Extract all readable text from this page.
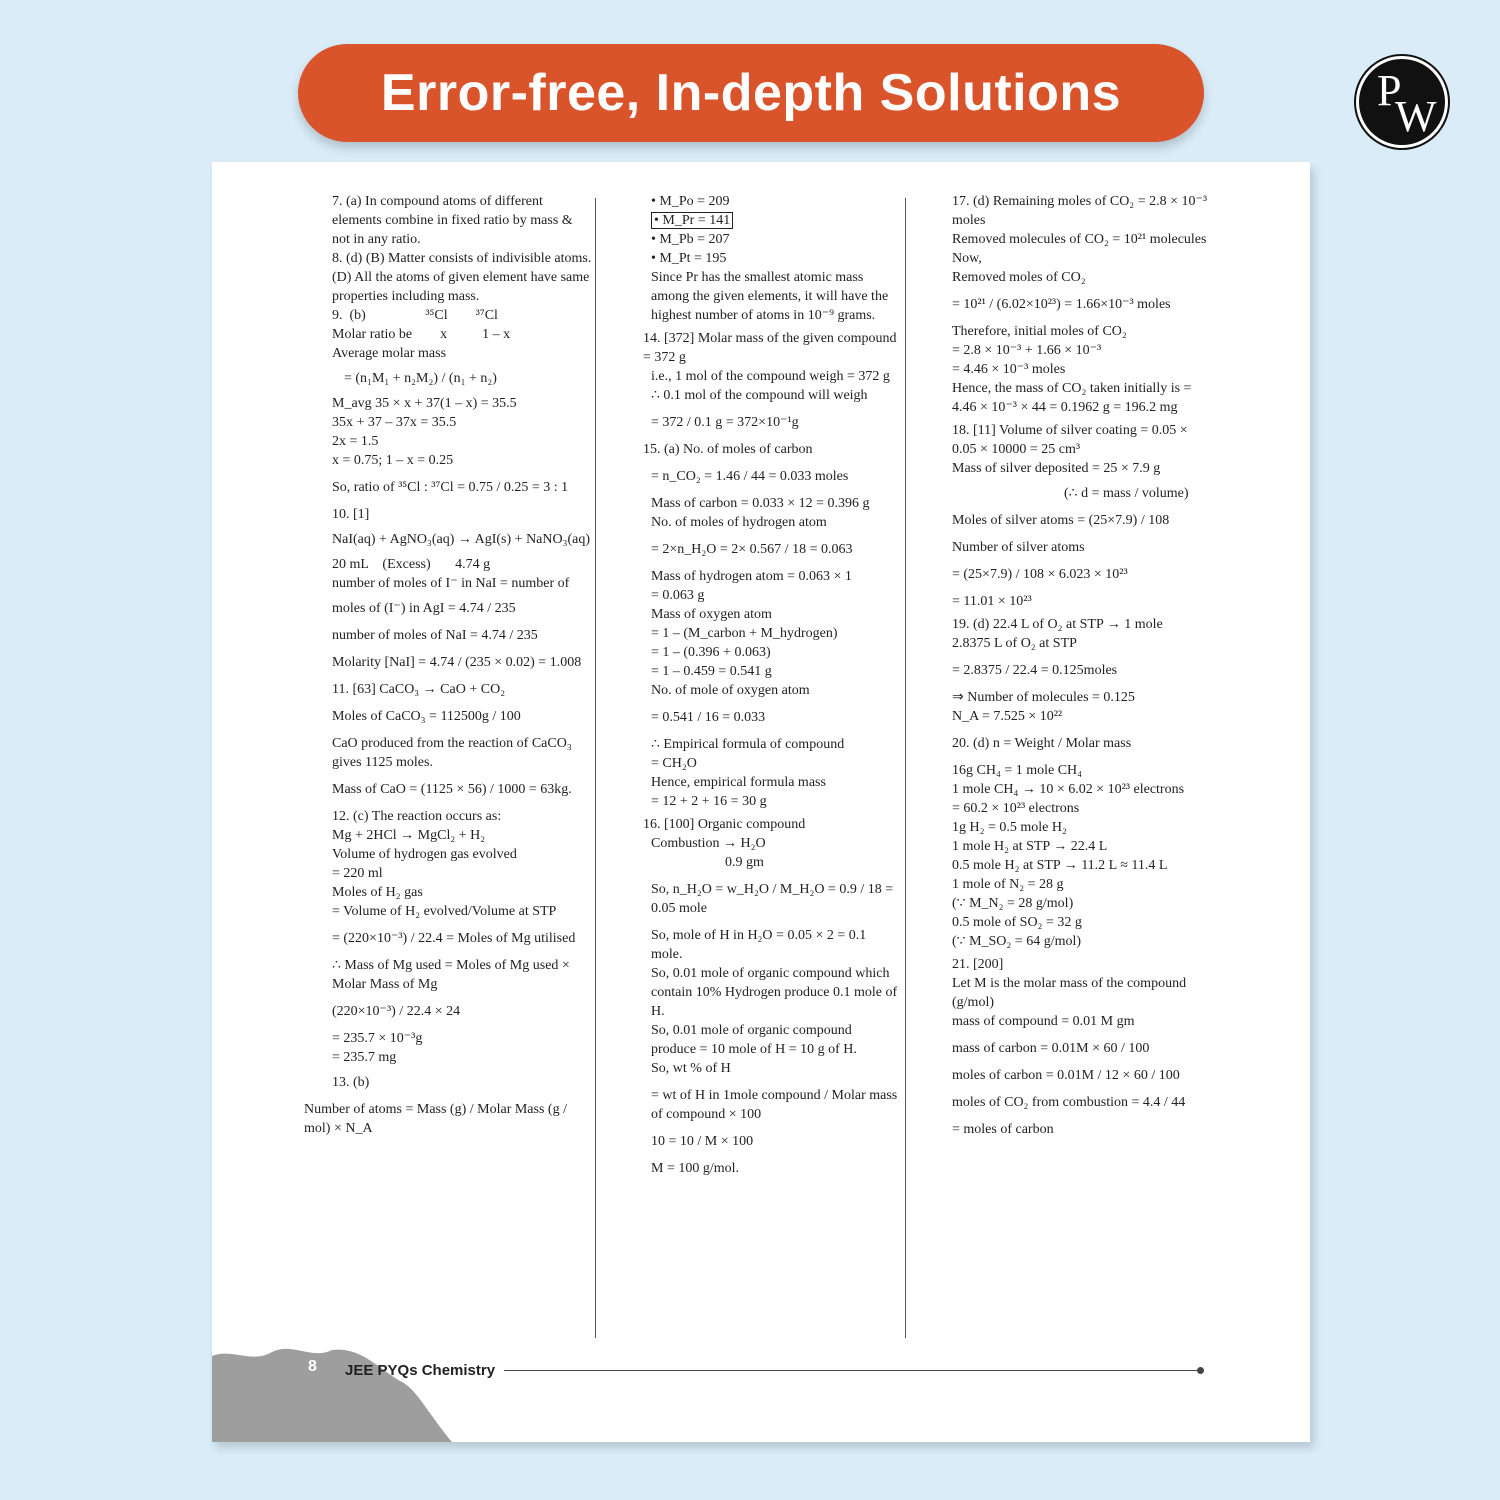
Error-free, In-depth Solutions	P
W
7. (a) In compound atoms of different elements combine in fixed ratio by mass & not in any ratio.
8. (d) (B) Matter consists of indivisible atoms.
(D) All the atoms of given element have same properties including mass.
9.  (b)                 ³⁵Cl        ³⁷Cl
Molar ratio be        x          1 – x
Average molar mass
= (n₁M₁ + n₂M₂) / (n₁ + n₂)
M_avg 35 × x + 37(1 – x) = 35.5
35x + 37 – 37x = 35.5
2x = 1.5
x = 0.75; 1 – x = 0.25
So, ratio of ³⁵Cl : ³⁷Cl = 0.75 / 0.25 = 3 : 1
10. [1]
NaI(aq) + AgNO₃(aq) → AgI(s) + NaNO₃(aq)
20 mL    (Excess)       4.74 g
number of moles of I⁻ in NaI = number of
moles of (I⁻) in AgI = 4.74 / 235
number of moles of NaI = 4.74 / 235
Molarity [NaI] = 4.74 / (235 × 0.02) = 1.008
11. [63] CaCO₃ → CaO + CO₂
Moles of CaCO₃ = 112500g / 100
CaO produced from the reaction of CaCO₃ gives 1125 moles.
Mass of CaO = (1125 × 56) / 1000 = 63kg.
12. (c) The reaction occurs as:
Mg + 2HCl → MgCl₂ + H₂
Volume of hydrogen gas evolved
= 220 ml
Moles of H₂ gas
= Volume of H₂ evolved/Volume at STP
= (220×10⁻³) / 22.4 = Moles of Mg utilised
∴ Mass of Mg used = Moles of Mg used × Molar Mass of Mg
(220×10⁻³) / 22.4 × 24
= 235.7 × 10⁻³g
= 235.7 mg
13. (b)
Number of atoms = Mass (g) / Molar Mass (g / mol) × N_A
• M_Po = 209
• M_Pr = 141
• M_Pb = 207
• M_Pt = 195
Since Pr has the smallest atomic mass among the given elements, it will have the highest number of atoms in 10⁻⁹ grams.
14. [372] Molar mass of the given compound = 372 g
i.e., 1 mol of the compound weigh = 372 g
∴ 0.1 mol of the compound will weigh
= 372 / 0.1 g = 372×10⁻¹g
15. (a) No. of moles of carbon
= n_CO₂ = 1.46 / 44 = 0.033 moles
Mass of carbon = 0.033 × 12 = 0.396 g
No. of moles of hydrogen atom
= 2×n_H₂O = 2× 0.567 / 18 = 0.063
Mass of hydrogen atom = 0.063 × 1
= 0.063 g
Mass of oxygen atom
= 1 – (M_carbon + M_hydrogen)
= 1 – (0.396 + 0.063)
= 1 – 0.459 = 0.541 g
No. of mole of oxygen atom
= 0.541 / 16 = 0.033
∴ Empirical formula of compound
= CH₂O
Hence, empirical formula mass
= 12 + 2 + 16 = 30 g
16. [100] Organic compound
Combustion → H₂O
0.9 gm
So, n_H₂O = w_H₂O / M_H₂O = 0.9 / 18 = 0.05 mole
So, mole of H in H₂O = 0.05 × 2 = 0.1 mole.
So, 0.01 mole of organic compound which contain 10% Hydrogen produce 0.1 mole of H.
So, 0.01 mole of organic compound produce = 10 mole of H = 10 g of H.
So, wt % of H
= wt of H in 1mole compound / Molar mass of compound × 100
10 = 10 / M × 100
M = 100 g/mol.
17. (d) Remaining moles of CO₂ = 2.8 × 10⁻³ moles
Removed molecules of CO₂ = 10²¹ molecules
Now,
Removed moles of CO₂
= 10²¹ / (6.02×10²³) = 1.66×10⁻³ moles
Therefore, initial moles of CO₂
= 2.8 × 10⁻³ + 1.66 × 10⁻³
= 4.46 × 10⁻³ moles
Hence, the mass of CO₂ taken initially is = 4.46 × 10⁻³ × 44 = 0.1962 g = 196.2 mg
18. [11] Volume of silver coating = 0.05 × 0.05 × 10000 = 25 cm³
Mass of silver deposited = 25 × 7.9 g
(∴ d = mass / volume)
Moles of silver atoms = (25×7.9) / 108
Number of silver atoms
= (25×7.9) / 108 × 6.023 × 10²³
= 11.01 × 10²³
19. (d) 22.4 L of O₂ at STP → 1 mole
2.8375 L of O₂ at STP
= 2.8375 / 22.4 = 0.125moles
⇒ Number of molecules = 0.125
N_A = 7.525 × 10²²
20. (d) n = Weight / Molar mass
16g CH₄ = 1 mole CH₄
1 mole CH₄ → 10 × 6.02 × 10²³ electrons
= 60.2 × 10²³ electrons
1g H₂ = 0.5 mole H₂
1 mole H₂ at STP → 22.4 L
0.5 mole H₂ at STP → 11.2 L ≈ 11.4 L
1 mole of N₂ = 28 g
(∵ M_N₂ = 28 g/mol)
0.5 mole of SO₂ = 32 g
(∵ M_SO₂ = 64 g/mol)
21. [200]
Let M is the molar mass of the compound (g/mol)
mass of compound = 0.01 M gm
mass of carbon = 0.01M × 60 / 100
moles of carbon = 0.01M / 12 × 60 / 100
moles of CO₂ from combustion = 4.4 / 44
= moles of carbon
8 JEE PYQs Chemistry
